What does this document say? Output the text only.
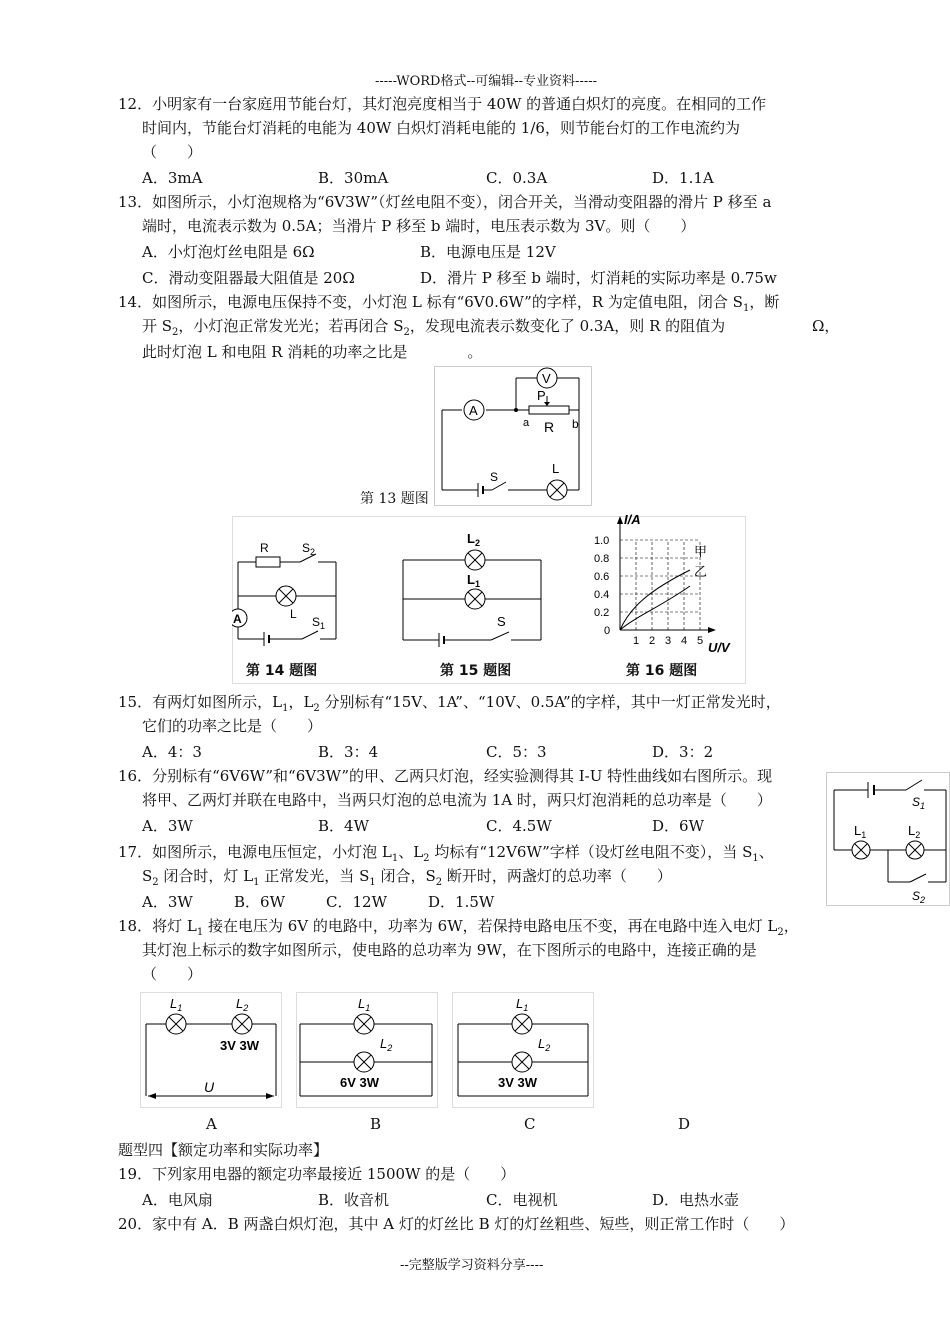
-----WORD格式--可编辑--专业资料-----
12．小明家有一台家庭用节能台灯，其灯泡亮度相当于 40W 的普通白炽灯的亮度。在相同的工作
时间内，节能台灯消耗的电能为 40W 白炽灯消耗电能的 1/6，则节能台灯的工作电流约为
（　　）
A．3mA	B．30mA	C．0.3A	D．1.1A
13．如图所示，小灯泡规格为“6V3W”（灯丝电阻不变），闭合开关，当滑动变阻器的滑片 P 移至 a
端时，电流表示数为 0.5A；当滑片 P 移至 b 端时，电压表示数为 3V。则（　　）
A．小灯泡灯丝电阻是 6Ω	B．电源电压是 12V
C．滑动变阻器最大阻值是 20Ω	D．滑片 P 移至 b 端时，灯消耗的实际功率是 0.75w
14．如图所示，电源电压保持不变，小灯泡 L 标有“6V0.6W”的字样，R 为定值电阻，闭合 $S_1$，断
开 $S_2$，小灯泡正常发光光；若再闭合 $S_2$，发现电流表示数变化了 0.3A，则 R 的阻值为	Ω，
此时灯泡 L 和电阻 R 消耗的功率之比是　　　　。
第 13 题图
A
V
P
R
a	b
S
L
R	$S_2$
L
A	$S_1$
第 14 题图
$L_2$
$L_1$
S
第 15 题图
I/A
U/V
0
1 2 3 4 5
1.0
0.8
0.6
0.4
0.2
甲
乙
第 16 题图
15．有两灯如图所示，$L_1$，$L_2$ 分别标有“15V、1A”、“10V、0.5A”的字样，其中一灯正常发光时，
它们的功率之比是（　　）
A．4：3	B．3：4	C．5：3	D．3：2
16．分别标有“6V6W”和“6V3W”的甲、乙两只灯泡，经实验测得其 I-U 特性曲线如右图所示。现
将甲、乙两灯并联在电路中，当两只灯泡的总电流为 1A 时，两只灯泡消耗的总功率是（　　）
A．3W	B．4W	C．4.5W	D．6W
$S_1$
$L_1$	$L_2$
$S_2$
17．如图所示，电源电压恒定，小灯泡 $L_1$、$L_2$ 均标有“12V6W”字样（设灯丝电阻不变），当 $S_1$、
$S_2$ 闭合时，灯 $L_1$ 正常发光，当 $S_1$ 闭合，$S_2$ 断开时，两盏灯的总功率（　　）
A．3W	B．6W	C．12W	D．1.5W
18．将灯 $L_1$ 接在电压为 6V 的电路中，功率为 6W，若保持电路电压不变，再在电路中连入电灯 $L_2$，
其灯泡上标示的数字如图所示，使电路的总功率为 9W，在下图所示的电路中，连接正确的是
（　　）
$L_1$	$L_2$
3V 3W
U
$L_1$
$L_2$
6V 3W
$L_1$
$L_2$
3V 3W
A	B	C	D
题型四【额定功率和实际功率】
19．下列家用电器的额定功率最接近 1500W 的是（　　）
A．电风扇	B．收音机	C．电视机	D．电热水壶
20．家中有 A．B 两盏白炽灯泡，其中 A 灯的灯丝比 B 灯的灯丝粗些、短些，则正常工作时（　　）
--完整版学习资料分享----
